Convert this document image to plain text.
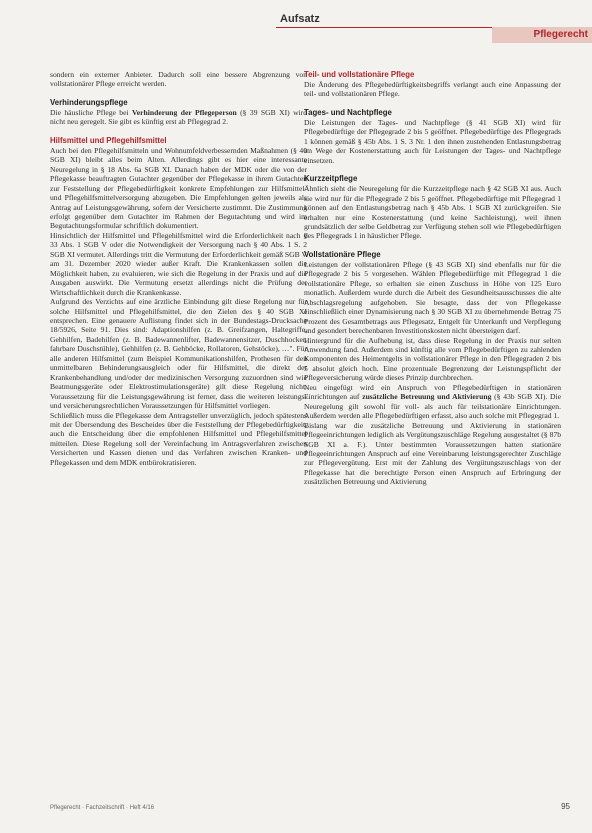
Aufsatz
Pflegerecht

sondern ein externer Anbieter. Dadurch soll eine bessere Abgrenzung von vollstationärer Pflege erreicht werden.

Verhinderungspflege

Die häusliche Pflege bei Verhinderung der Pflegeperson (§ 39 SGB XI) wird nicht neu geregelt. Sie gibt es künftig erst ab Pflegegrad 2.

Hilfsmittel und Pflegehilfsmittel

Auch bei den Pflegehilfsmitteln und Wohnumfeldverbessernden Maßnahmen (§ 40 SGB XI) bleibt alles beim Alten. Allerdings gibt es hier eine interessante Neuregelung in § 18 Abs. 6a SGB XI. Danach haben der MDK oder die von der Pflegekasse beauftragten Gutachter gegenüber der Pflegekasse in ihrem Gutachten zur Feststellung der Pflegebedürftigkeit konkrete Empfehlungen zur Hilfsmittel- und Pflegehilfsmittelversorgung abzugeben. Die Empfehlungen gelten jeweils als Antrag auf Leistungsgewährung, sofern der Versicherte zustimmt. Die Zustimmung erfolgt gegenüber dem Gutachter im Rahmen der Begutachtung und wird im Begutachtungsformular schriftlich dokumentiert.

Hinsichtlich der Hilfsmittel und Pflegehilfsmittel wird die Erforderlichkeit nach § 33 Abs. 1 SGB V oder die Notwendigkeit der Versorgung nach § 40 Abs. 1 S. 2 SGB XI vermutet. Allerdings tritt die Vermutung der Erforderlichkeit gemäß SGB V am 31. Dezember 2020 wieder außer Kraft. Die Krankenkassen sollen die Möglichkeit haben, zu evaluieren, wie sich die Regelung in der Praxis und auf die Ausgaben auswirkt. Die Vermutung ersetzt allerdings nicht die Prüfung der Wirtschaftlichkeit durch die Krankenkasse.

Aufgrund des Verzichts auf eine ärztliche Einbindung gilt diese Regelung nur für solche Hilfsmittel und Pflegehilfsmittel, die den Zielen des § 40 SGB XI entsprechen. Eine genauere Auflistung findet sich in der Bundestags-Drucksache 18/5926, Seite 91. Dies sind: Adaptionshilfen (z. B. Greifzangen, Haltegriffe, Gehhilfen, Badehilfen (z. B. Badewannenlifter, Badewannensitzer, Duschhocker, fahrbare Duschstühle), Gehhilfen (z. B. Gehböcke, Rollatoren, Gehstöcke), …". Für alle anderen Hilfsmittel (zum Beispiel Kommunikationshilfen, Prothesen für den unmittelbaren Behinderungsausgleich oder für Hilfsmittel, die direkt der Krankenbehandlung und/oder der medizinischen Versorgung zuzuordnen sind wie Beatmungsgeräte oder Elektrostimulationsgeräte) gilt diese Regelung nicht. Voraussetzung für die Leistungsgewährung ist ferner, dass die weiteren leistungs- und versicherungsrechtlichen Voraussetzungen für Hilfsmittel vorliegen.

Schließlich muss die Pflegekasse dem Antragsteller unverzüglich, jedoch spätestens mit der Übersendung des Bescheides über die Feststellung der Pflegebedürftigkeit, auch die Entscheidung über die empfohlenen Hilfsmittel und Pflegehilfsmittel mitteilen. Diese Regelung soll der Vereinfachung im Antragsverfahren zwischen Versicherten und Kassen dienen und das Verfahren zwischen Kranken- und Pflegekassen und dem MDK entbürokratisieren.

Teil- und vollstationäre Pflege

Die Änderung des Pflegebedürftigkeitsbegriffs verlangt auch eine Anpassung der teil- und vollstationären Pflege.

Tages- und Nachtpflege

Die Leistungen der Tages- und Nachtpflege (§ 41 SGB XI) wird für Pflegebedürftige der Pflegegrade 2 bis 5 geöffnet. Pflegebedürftige des Pflegegrads 1 können gemäß § 45b Abs. 1 S. 3 Nr. 1 den ihnen zustehenden Entlastungsbetrag im Wege der Kostenerstattung auch für Leistungen der Tages- und Nachtpflege einsetzen.

Kurzzeitpflege

Ähnlich sieht die Neuregelung für die Kurzzeitpflege nach § 42 SGB XI aus. Auch sie wird nur für die Pflegegrade 2 bis 5 geöffnet. Pflegebedürftige mit Pflegegrad 1 können auf den Entlastungsbetrag nach § 45b Abs. 1 SGB XI zurückgreifen. Sie erhalten nur eine Kostenerstattung (und keine Sachleistung), weil ihnen grundsätzlich der selbe Geldbetrag zur Verfügung stehen soll wie Pflegebedürftigen des Pflegegrads 1 in häuslicher Pflege.

Vollstationäre Pflege

Leistungen der vollstationären Pflege (§ 43 SGB XI) sind ebenfalls nur für die Pflegegrade 2 bis 5 vorgesehen. Wählen Pflegebedürftige mit Pflegegrad 1 die vollstationäre Pflege, so erhalten sie einen Zuschuss in Höhe von 125 Euro monatlich. Außerdem wurde durch die Arbeit des Gesundheitsausschusses die alte Abschlagsregelung aufgehoben. Sie besagte, dass der von Pflegekasse einschließlich einer Dynamisierung nach § 30 SGB XI zu übernehmende Betrag 75 Prozent des Gesamtbetrags aus Pflegesatz, Entgelt für Unterkunft und Verpflegung und gesondert berechenbaren Investitionskosten nicht übersteigen darf.

Hintergrund für die Aufhebung ist, dass diese Regelung in der Praxis nur selten Anwendung fand. Außerdem sind künftig alle vom Pflegebedürftigen zu zahlenden Komponenten des Heimentgelts in vollstationärer Pflege in den Pflegegraden 2 bis 5 absolut gleich hoch. Eine prozentuale Begrenzung der Leistungspflicht der Pflegeversicherung würde dieses Prinzip durchbrechen.

Neu eingefügt wird ein Anspruch von Pflegebedürftigen in stationären Einrichtungen auf zusätzliche Betreuung und Aktivierung (§ 43b SGB XI). Die Neuregelung gilt sowohl für voll- als auch für teilstationäre Einrichtungen. Außerdem werden alle Pflegebedürftigen erfasst, also auch solche mit Pflegegrad 1.

Bislang war die zusätzliche Betreuung und Aktivierung in stationären Pflegeeinrichtungen lediglich als Vergütungszuschläge Regelung ausgestaltet (§ 87b SGB XI a. F.). Unter bestimmten Voraussetzungen hatten stationäre Pflegeeinrichtungen Anspruch auf eine Vereinbarung leistungsgerechter Zuschläge zur Pflegevergütung. Erst mit der Zahlung des Vergütungszuschlags von der Pflegekasse hat die berechtigte Person einen Anspruch auf Erbringung der zusätzlichen Betreuung und Aktivierung

Pflegerecht · Fachzeitschrift · Heft 4/16	95
